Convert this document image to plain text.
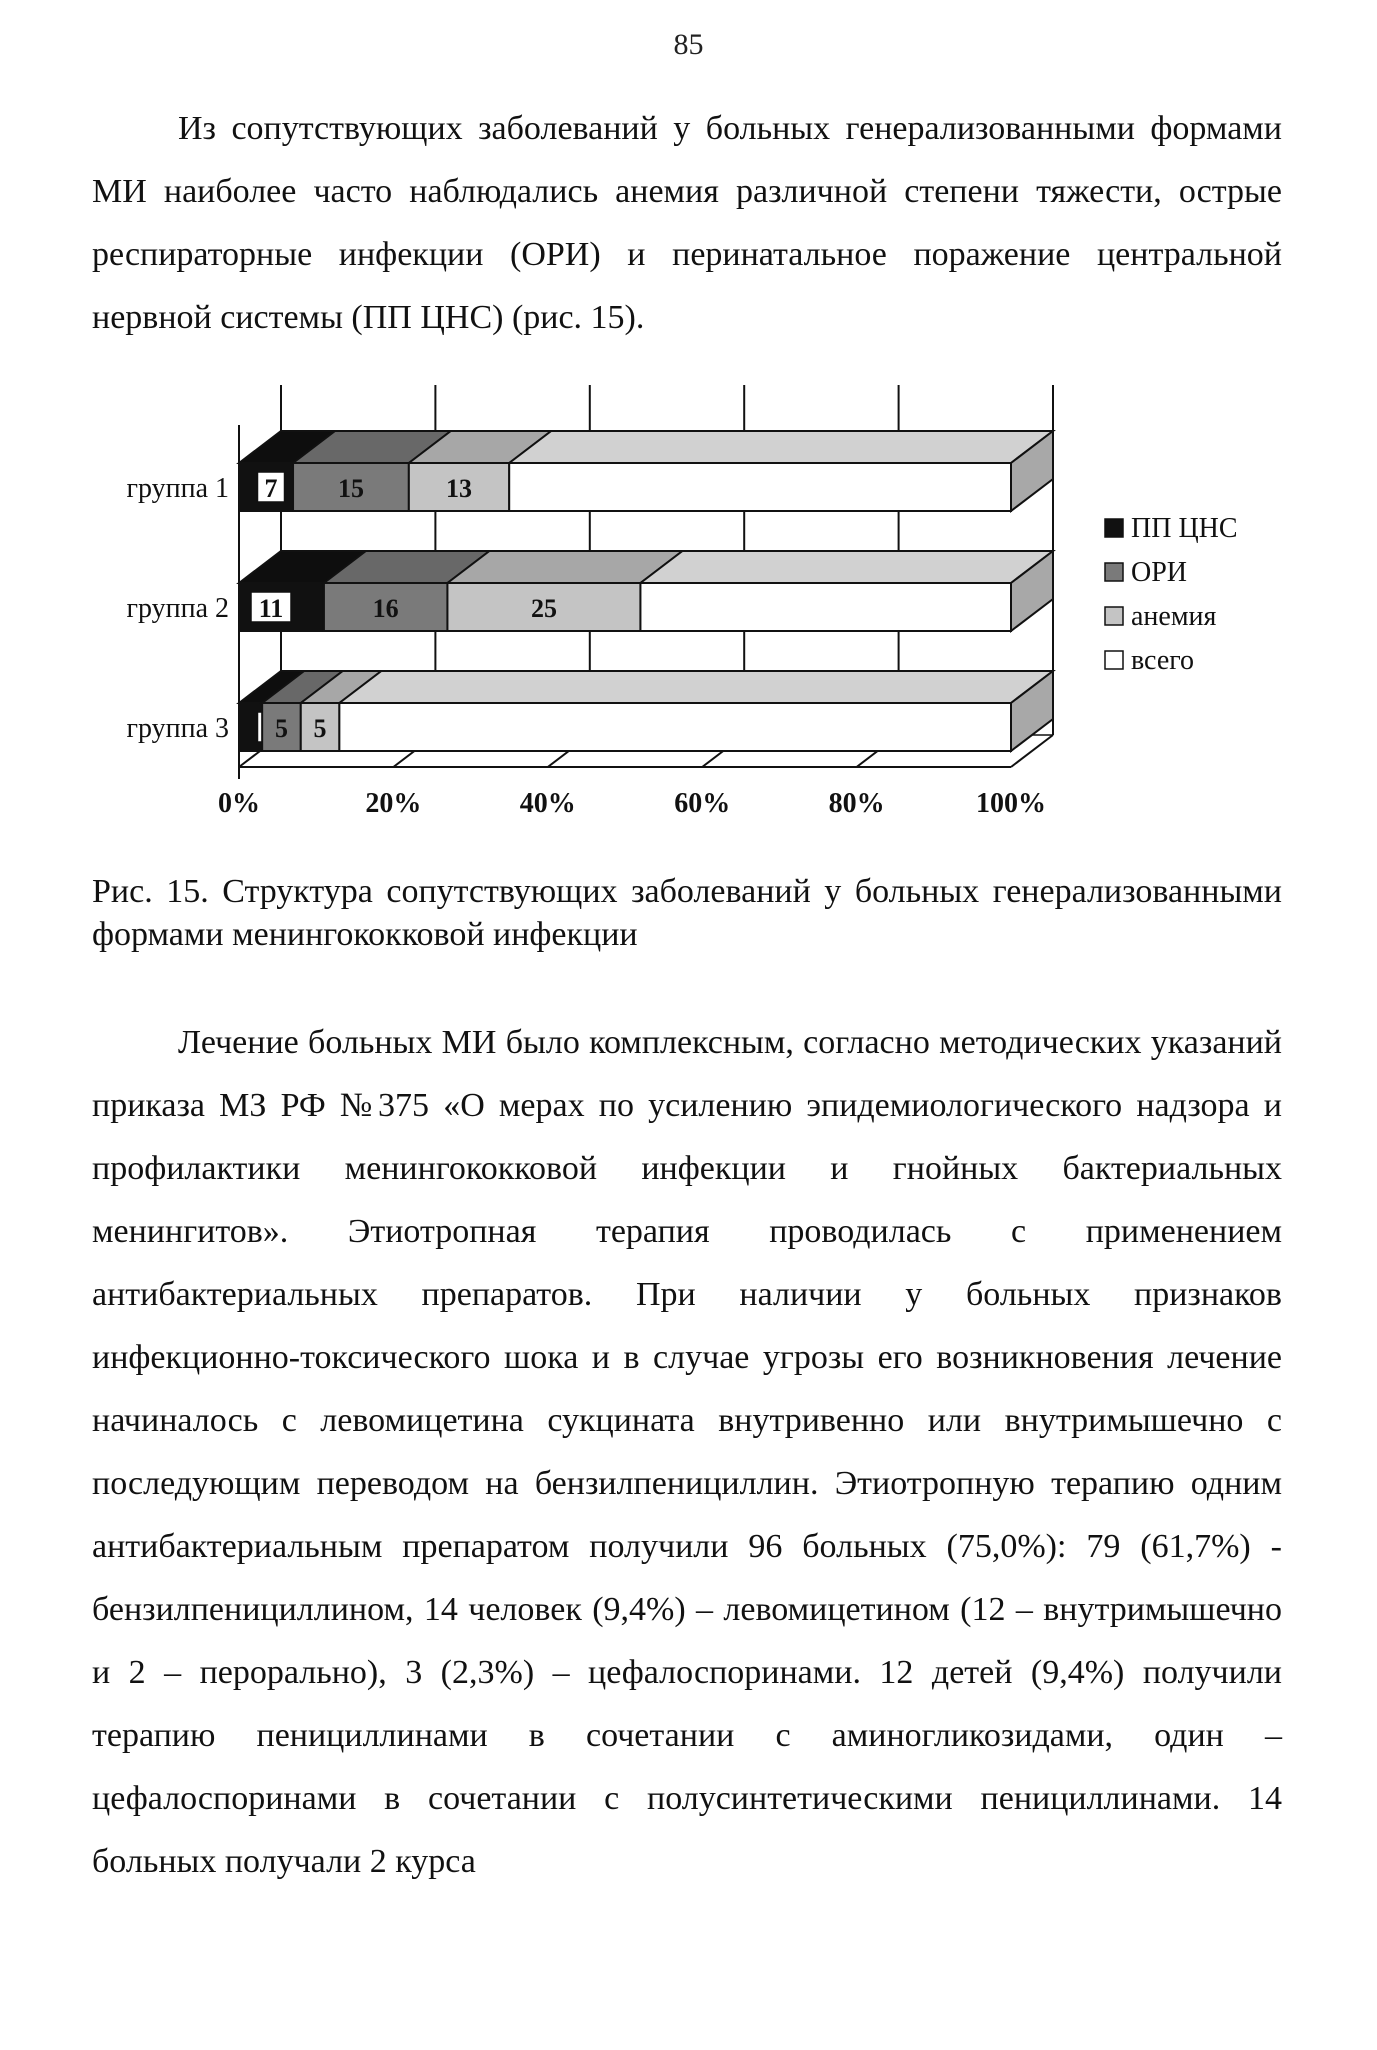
85

Из сопутствующих заболеваний у больных генерализованными формами МИ наиболее часто наблюдались анемия различной степени тяжести, острые респираторные инфекции (ОРИ) и перинатальное поражение центральной нервной системы (ПП ЦНС) (рис. 15).

0%	20%	40%	60%	80%	100%
7 15	13
группа 1
11	16	25
группа 2
5 5
группа 3
ПП ЦНС
ОРИ
анемия
всего

Рис. 15. Структура сопутствующих заболеваний у больных генерализованными формами менингококковой инфекции

Лечение больных МИ было комплексным, согласно методических указаний приказа МЗ РФ №375 «О мерах по усилению эпидемиологического надзора и профилактики менингококковой инфекции и гнойных бактериальных менингитов». Этиотропная терапия проводилась с применением антибактериальных препаратов. При наличии у больных признаков инфекционно-токсического шока и в случае угрозы его возникновения лечение начиналось с левомицетина сукцината внутривенно или внутримышечно с последующим переводом на бензилпенициллин. Этиотропную терапию одним антибактериальным препаратом получили 96 больных (75,0%): 79 (61,7%) - бензилпенициллином, 14 человек (9,4%) – левомицетином (12 – внутримышечно и 2 – перорально), 3 (2,3%) – цефалоспоринами. 12 детей (9,4%) получили терапию пенициллинами в сочетании с аминогликозидами, один – цефалоспоринами в сочетании с полусинтетическими пенициллинами. 14 больных получали 2 курса
